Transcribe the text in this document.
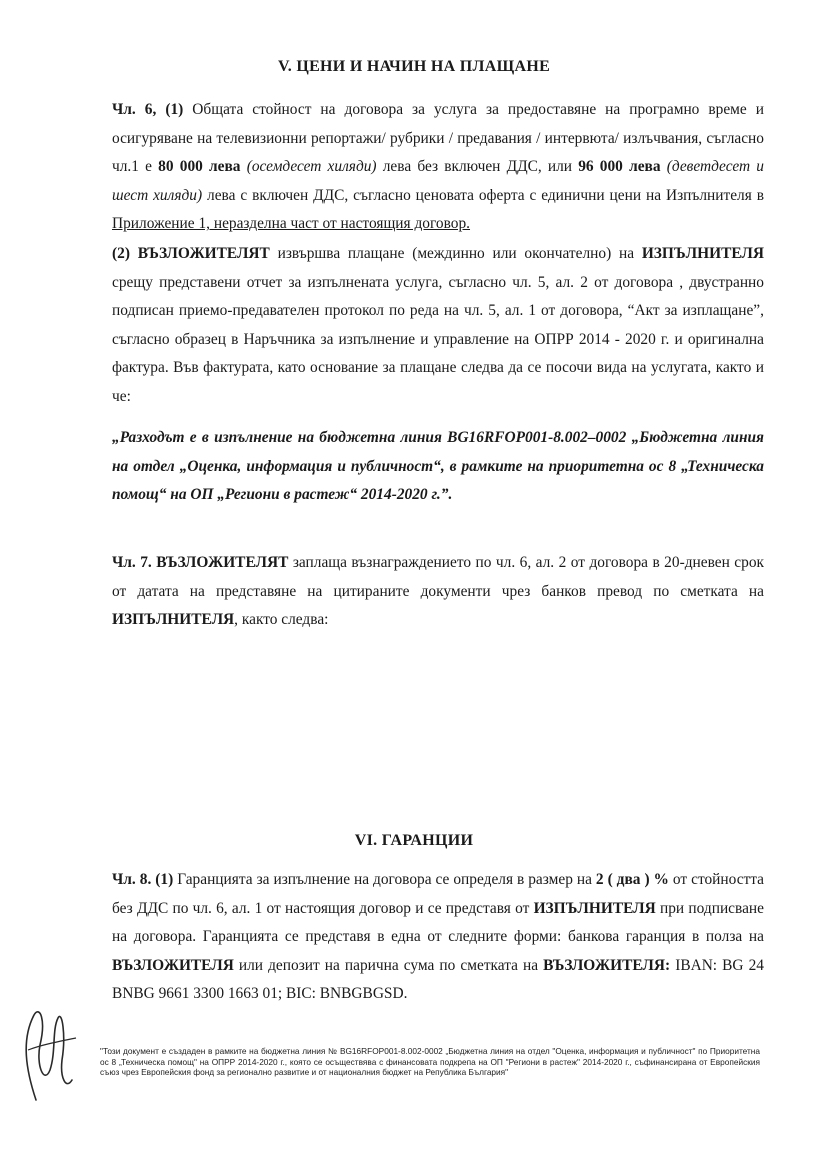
V. ЦЕНИ И НАЧИН НА ПЛАЩАНЕ
Чл. 6, (1) Общата стойност на договора за услуга за предоставяне на програмно време и осигуряване на телевизионни репортажи/ рубрики / предавания / интервюта/ излъчвания, съгласно чл.1 е 80 000 лева (осемдесет хиляди) лева без включен ДДС, или 96 000 лева (деветдесет и шест хиляди) лева с включен ДДС, съгласно ценовата оферта с единични цени на Изпълнителя в Приложение 1, неразделна част от настоящия договор.
(2) ВЪЗЛОЖИТЕЛЯТ извършва плащане (междинно или окончателно) на ИЗПЪЛНИТЕЛЯ срещу представени отчет за изпълнената услуга, съгласно чл. 5, ал. 2 от договора , двустранно подписан приемо-предавателен протокол по реда на чл. 5, ал. 1 от договора, “Акт за изплащане”, съгласно образец в Наръчника за изпълнение и управление на ОПРР 2014 - 2020 г. и оригинална фактура. Във фактурата, като основание за плащане следва да се посочи вида на услугата, както и че:
„Разходът е в изпълнение на бюджетна линия BG16RFOP001-8.002–0002 „Бюджетна линия на отдел „Оценка, информация и публичност“, в рамките на приоритетна ос 8 „Техническа помощ“ на ОП „Региони в растеж“ 2014-2020 г.”.
Чл. 7. ВЪЗЛОЖИТЕЛЯТ заплаща възнаграждението по чл. 6, ал. 2 от договора в 20-дневен срок от датата на представяне на цитираните документи чрез банков превод по сметката на ИЗПЪЛНИТЕЛЯ, както следва:
VI. ГАРАНЦИИ
Чл. 8. (1) Гаранцията за изпълнение на договора се определя в размер на 2 ( два ) % от стойността без ДДС по чл. 6, ал. 1 от настоящия договор и се представя от ИЗПЪЛНИТЕЛЯ при подписване на договора. Гаранцията се представя в една от следните форми: банкова гаранция в полза на ВЪЗЛОЖИТЕЛЯ или депозит на парична сума по сметката на ВЪЗЛОЖИТЕЛЯ: IBAN: BG 24 BNBG 9661 3300 1663 01; BIC: BNBGBGSD.
"Този документ е създаден в рамките на бюджетна линия № BG16RFOP001-8.002-0002 „Бюджетна линия на отдел "Оценка, информация и публичност" по Приоритетна ос 8 „Техническа помощ" на ОПРР 2014-2020 г., която се осъществява с финансовата подкрепа на ОП "Региони в растеж" 2014-2020 г., съфинансирана от Европейския съюз чрез Европейския фонд за регионално развитие и от националния бюджет на Република България"
